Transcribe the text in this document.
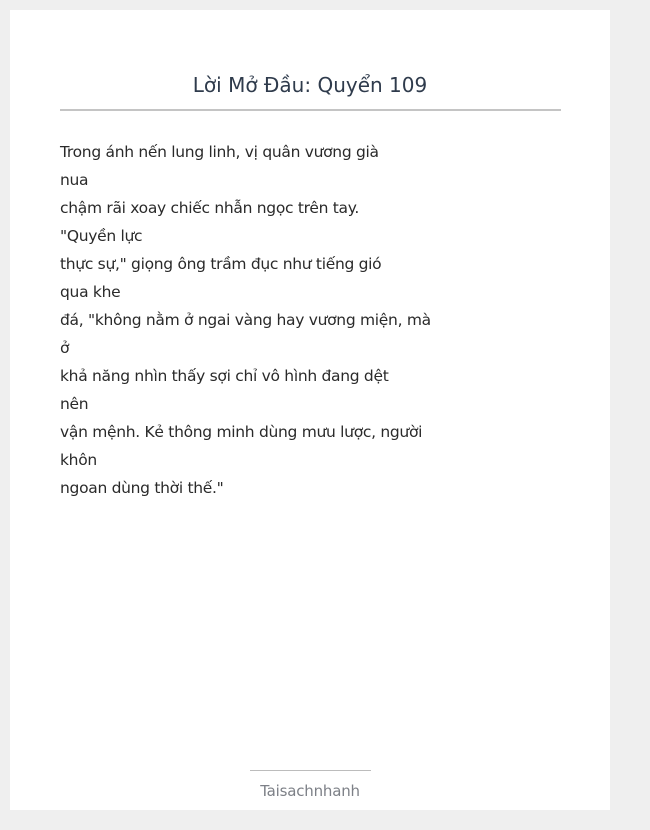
Lời Mở Đầu: Quyển 109

Trong ánh nến lung linh, vị quân vương già
nua
chậm rãi xoay chiếc nhẫn ngọc trên tay.
"Quyền lực
thực sự," giọng ông trầm đục như tiếng gió
qua khe
đá, "không nằm ở ngai vàng hay vương miện, mà
ở
khả năng nhìn thấy sợi chỉ vô hình đang dệt
nên
vận mệnh. Kẻ thông minh dùng mưu lược, người
khôn
ngoan dùng thời thế."

Taisachnhanh
